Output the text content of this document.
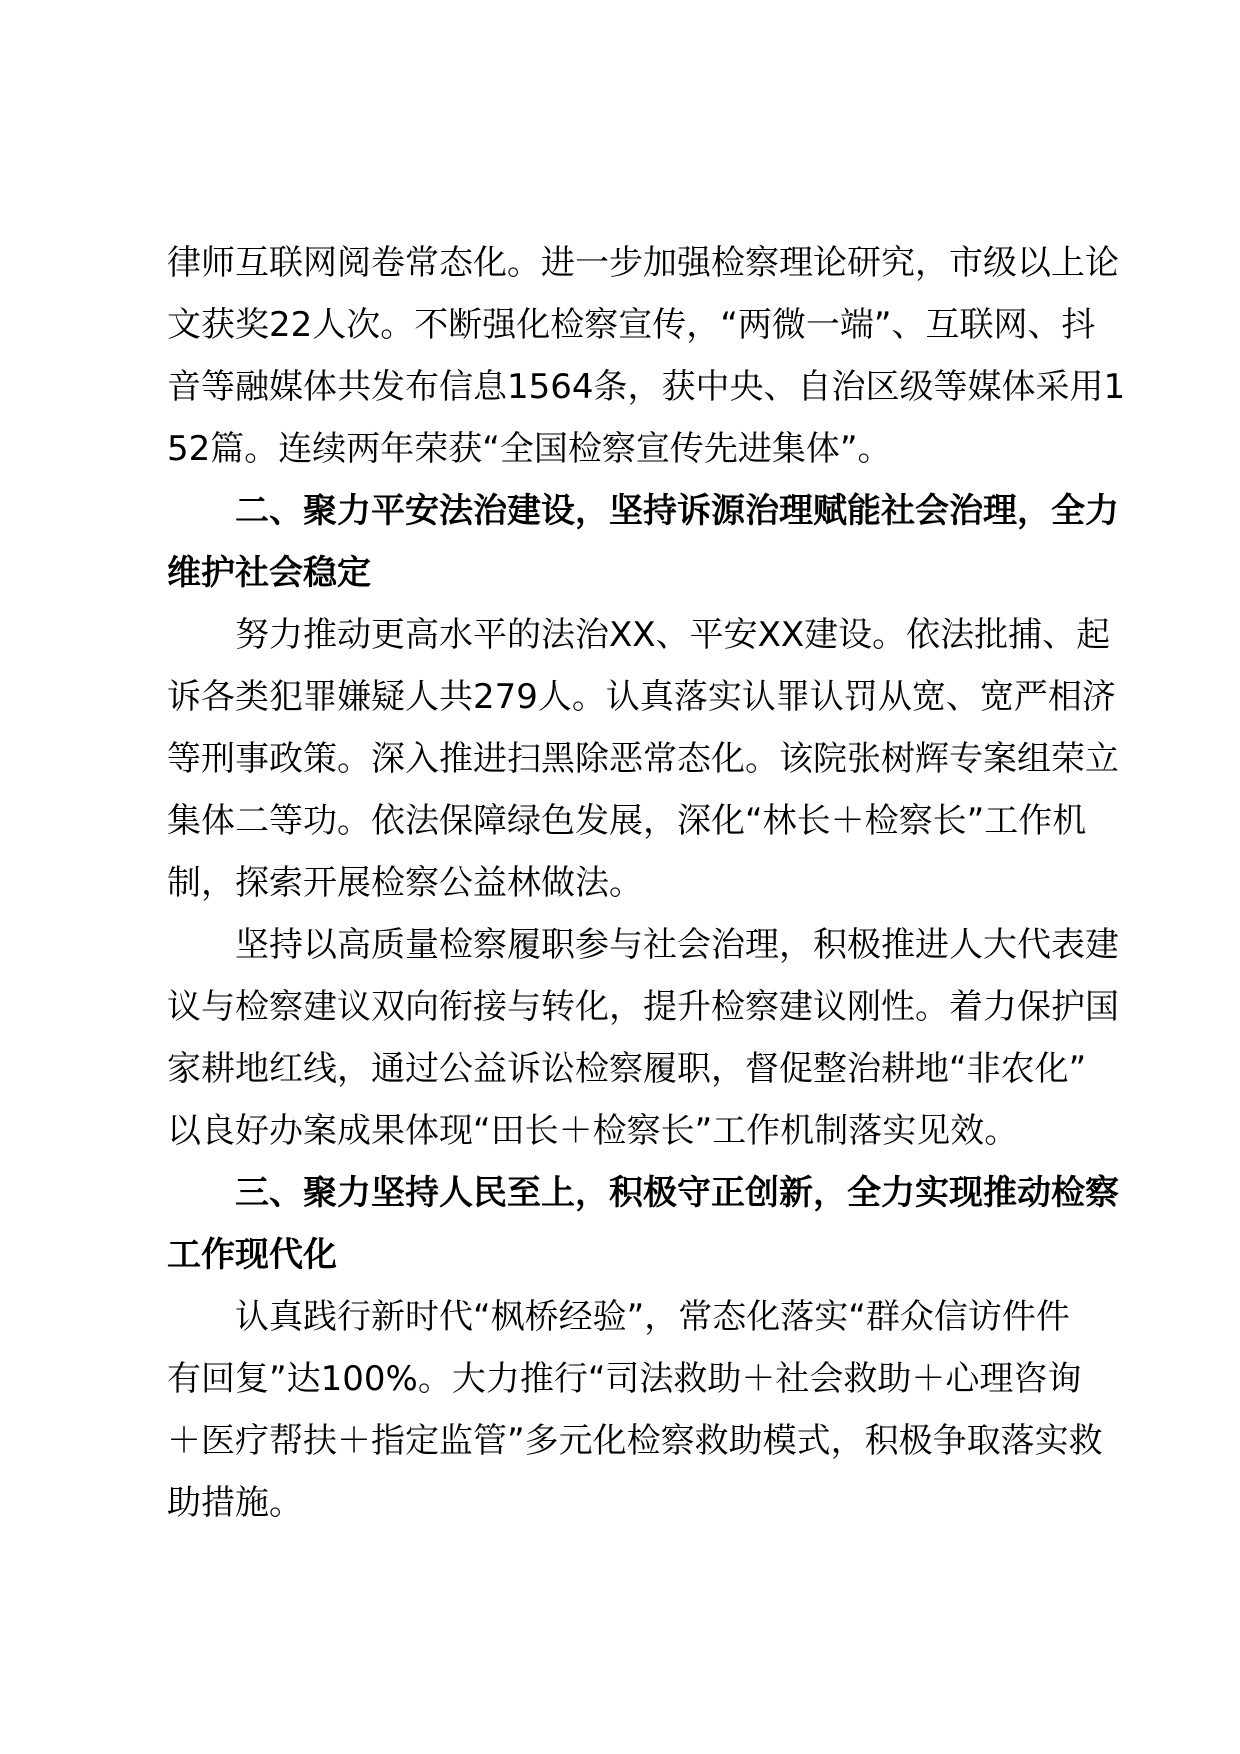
律师互联网阅卷常态化。进一步加强检察理论研究，市级以上论
文获奖22人次。不断强化检察宣传，“两微一端”、互联网、抖
音等融媒体共发布信息1564条，获中央、自治区级等媒体采用1
52篇。连续两年荣获“全国检察宣传先进集体”。
二、聚力平安法治建设，坚持诉源治理赋能社会治理，全力
维护社会稳定
努力推动更高水平的法治XX、平安XX建设。依法批捕、起
诉各类犯罪嫌疑人共279人。认真落实认罪认罚从宽、宽严相济
等刑事政策。深入推进扫黑除恶常态化。该院张树辉专案组荣立
集体二等功。依法保障绿色发展，深化“林长＋检察长”工作机
制，探索开展检察公益林做法。
坚持以高质量检察履职参与社会治理，积极推进人大代表建
议与检察建议双向衔接与转化，提升检察建议刚性。着力保护国
家耕地红线，通过公益诉讼检察履职，督促整治耕地“非农化”
以良好办案成果体现“田长＋检察长”工作机制落实见效。
三、聚力坚持人民至上，积极守正创新，全力实现推动检察
工作现代化
认真践行新时代“枫桥经验”，常态化落实“群众信访件件
有回复”达100%。大力推行“司法救助＋社会救助＋心理咨询
＋医疗帮扶＋指定监管”多元化检察救助模式，积极争取落实救
助措施。
